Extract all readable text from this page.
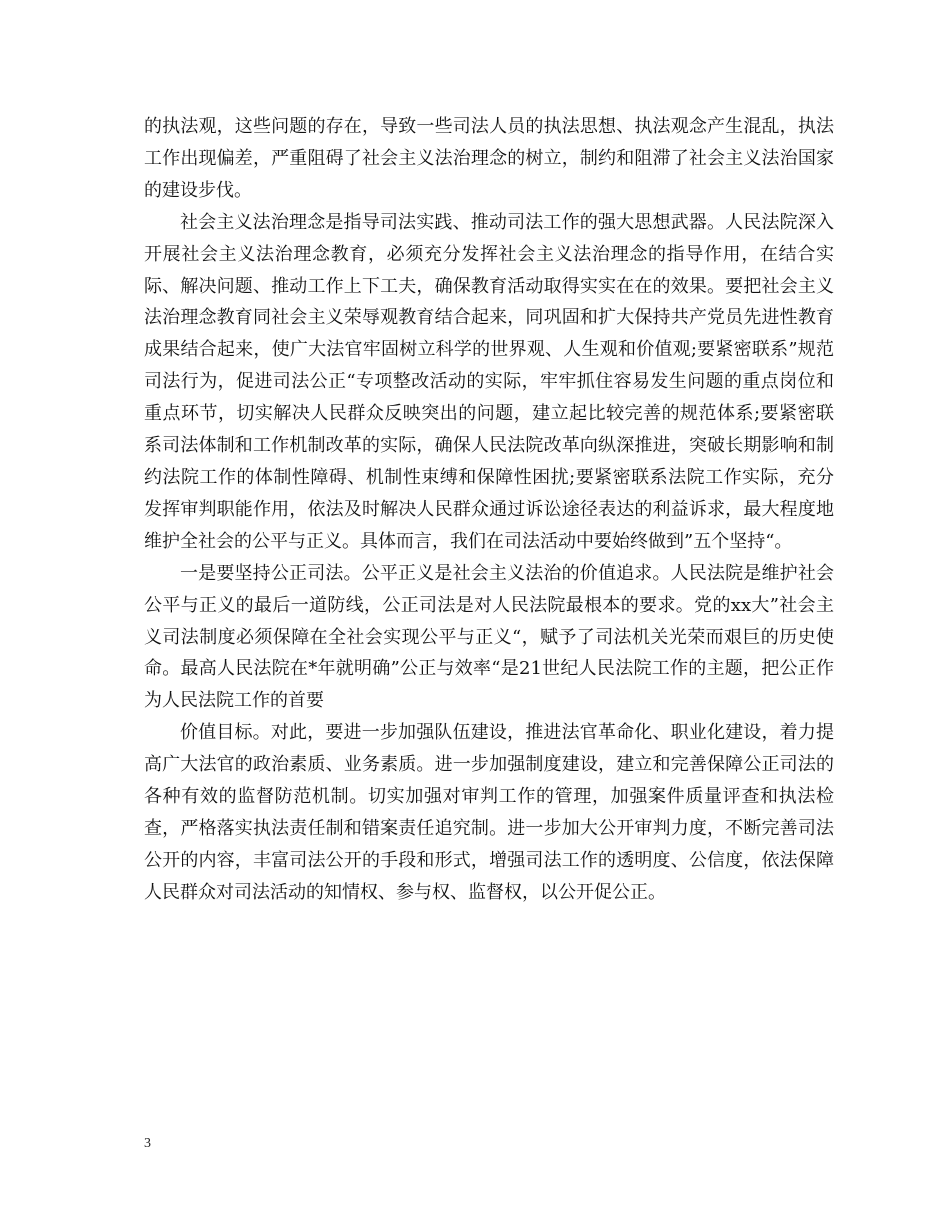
的执法观，这些问题的存在，导致一些司法人员的执法思想、执法观念产生混乱，执法工作出现偏差，严重阻碍了社会主义法治理念的树立，制约和阻滞了社会主义法治国家的建设步伐。

社会主义法治理念是指导司法实践、推动司法工作的强大思想武器。人民法院深入开展社会主义法治理念教育，必须充分发挥社会主义法治理念的指导作用，在结合实际、解决问题、推动工作上下工夫，确保教育活动取得实实在在的效果。要把社会主义法治理念教育同社会主义荣辱观教育结合起来，同巩固和扩大保持共产党员先进性教育成果结合起来，使广大法官牢固树立科学的世界观、人生观和价值观;要紧密联系”规范司法行为，促进司法公正“专项整改活动的实际，牢牢抓住容易发生问题的重点岗位和重点环节，切实解决人民群众反映突出的问题，建立起比较完善的规范体系;要紧密联系司法体制和工作机制改革的实际，确保人民法院改革向纵深推进，突破长期影响和制约法院工作的体制性障碍、机制性束缚和保障性困扰;要紧密联系法院工作实际，充分发挥审判职能作用，依法及时解决人民群众通过诉讼途径表达的利益诉求，最大程度地维护全社会的公平与正义。具体而言，我们在司法活动中要始终做到”五个坚持“。

一是要坚持公正司法。公平正义是社会主义法治的价值追求。人民法院是维护社会公平与正义的最后一道防线，公正司法是对人民法院最根本的要求。党的xx大”社会主义司法制度必须保障在全社会实现公平与正义“，赋予了司法机关光荣而艰巨的历史使命。最高人民法院在*年就明确”公正与效率“是21世纪人民法院工作的主题，把公正作为人民法院工作的首要

价值目标。对此，要进一步加强队伍建设，推进法官革命化、职业化建设，着力提高广大法官的政治素质、业务素质。进一步加强制度建设，建立和完善保障公正司法的各种有效的监督防范机制。切实加强对审判工作的管理，加强案件质量评查和执法检查，严格落实执法责任制和错案责任追究制。进一步加大公开审判力度，不断完善司法公开的内容，丰富司法公开的手段和形式，增强司法工作的透明度、公信度，依法保障人民群众对司法活动的知情权、参与权、监督权，以公开促公正。

3
